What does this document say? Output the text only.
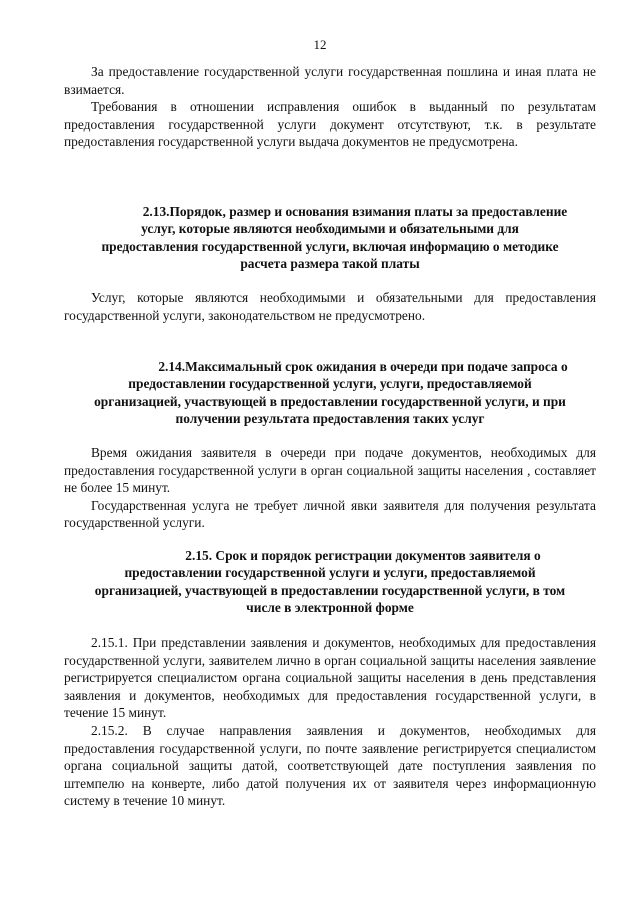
12

За предоставление государственной услуги государственная пошлина и иная плата не взимается.

Требования в отношении исправления ошибок в выданный по результатам предоставления государственной услуги документ отсутствуют, т.к. в результате предоставления государственной услуги выдача документов не предусмотрена.

2.13.Порядок, размер и основания взимания платы за предоставление
услуг, которые являются необходимыми и обязательными для
предоставления государственной услуги, включая информацию о методике
расчета размера такой платы

Услуг, которые являются необходимыми и обязательными для предоставления государственной услуги, законодательством не предусмотрено.

2.14.Максимальный срок ожидания в очереди при подаче запроса о
предоставлении государственной услуги, услуги, предоставляемой
организацией, участвующей в предоставлении государственной услуги, и при
получении результата предоставления таких услуг

Время ожидания заявителя в очереди при подаче документов, необходимых для предоставления государственной услуги в орган социальной защиты населения , составляет не более 15 минут.

Государственная услуга не требует личной явки заявителя для получения результата государственной услуги.

2.15. Срок и порядок регистрации документов заявителя о
предоставлении государственной услуги и услуги, предоставляемой
организацией, участвующей в предоставлении государственной услуги, в том
числе в электронной форме

2.15.1. При представлении заявления и документов, необходимых для предоставления государственной услуги, заявителем лично в орган социальной защиты населения заявление регистрируется специалистом органа социальной защиты населения в день представления заявления и документов, необходимых для предоставления государственной услуги, в течение 15 минут.

2.15.2. В случае направления заявления и документов, необходимых для предоставления государственной услуги, по почте заявление регистрируется специалистом органа социальной защиты датой, соответствующей дате поступления заявления по штемпелю на конверте, либо датой получения их от заявителя через информационную систему в течение 10 минут.
